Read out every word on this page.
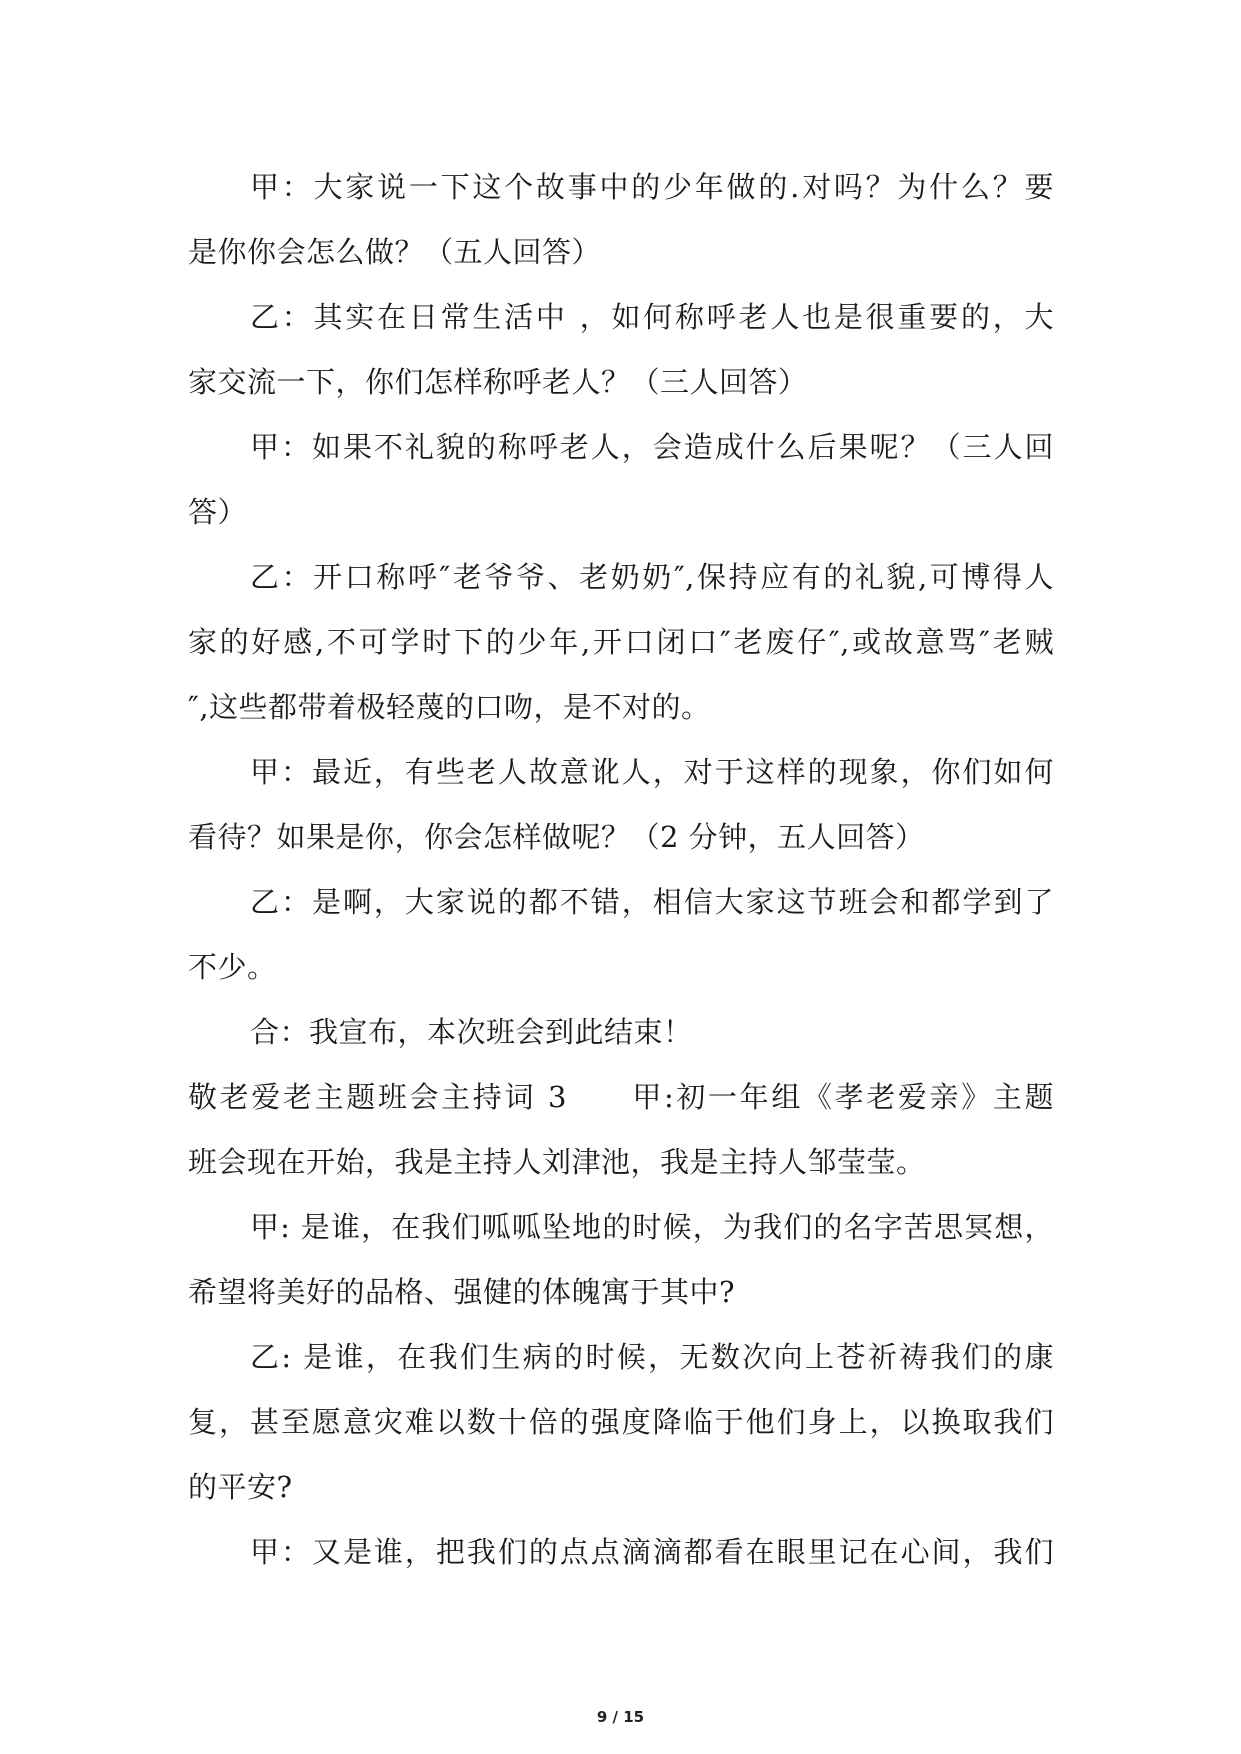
甲：大家说一下这个故事中的少年做的.对吗？为什么？要
是你你会怎么做？（五人回答）
乙：其实在日常生活中 ，如何称呼老人也是很重要的，大
家交流一下，你们怎样称呼老人？（三人回答）
甲：如果不礼貌的称呼老人，会造成什么后果呢？（三人回
答）
乙：开口称呼″老爷爷、老奶奶″,保持应有的礼貌,可博得人
家的好感,不可学时下的少年,开口闭口″老废仔″,或故意骂″老贼
″,这些都带着极轻蔑的口吻，是不对的。
甲：最近，有些老人故意讹人，对于这样的现象，你们如何
看待？如果是你，你会怎样做呢？（2 分钟，五人回答）
乙：是啊，大家说的都不错，相信大家这节班会和都学到了
不少。
合：我宣布，本次班会到此结束！
敬老爱老主题班会主持词 3　　甲:初一年组《孝老爱亲》主题
班会现在开始，我是主持人刘津池，我是主持人邹莹莹。
甲: 是谁，在我们呱呱坠地的时候，为我们的名字苦思冥想，
希望将美好的品格、强健的体魄寓于其中?
乙: 是谁，在我们生病的时候，无数次向上苍祈祷我们的康
复，甚至愿意灾难以数十倍的强度降临于他们身上，以换取我们
的平安?
甲：又是谁，把我们的点点滴滴都看在眼里记在心间，我们
9 / 15
